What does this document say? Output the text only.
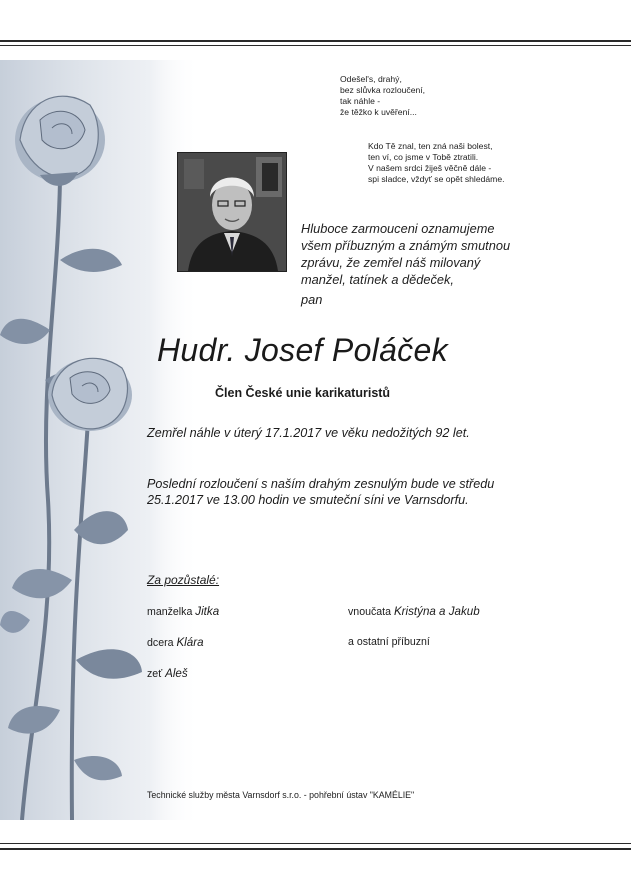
Odešel's, drahý,
bez slůvka rozloučení,
tak náhle -
že těžko k uvěření...
Kdo Tě znal, ten zná naši bolest,
ten ví, co jsme v Tobě ztratili.
V našem srdci žiješ věčně dále -
spi sladce, vždyť se opět shledáme.
Hluboce zarmouceni oznamujeme
všem příbuzným a známým smutnou
zprávu, že zemřel náš milovaný
manžel, tatínek a dědeček,
pan
Hudr. Josef Poláček
Člen České unie karikaturistů
Zemřel náhle v úterý 17.1.2017 ve věku nedožitých 92 let.
Poslední rozloučení s naším drahým zesnulým bude ve středu
25.1.2017 ve 13.00 hodin ve smuteční síni ve Varnsdorfu.
Za pozůstalé:
manželka Jitka
dcera Klára
zeť Aleš
vnoučata Kristýna a Jakub
a ostatní příbuzní
Technické služby města Varnsdorf s.r.o. - pohřební ústav "KAMÉLIE"
